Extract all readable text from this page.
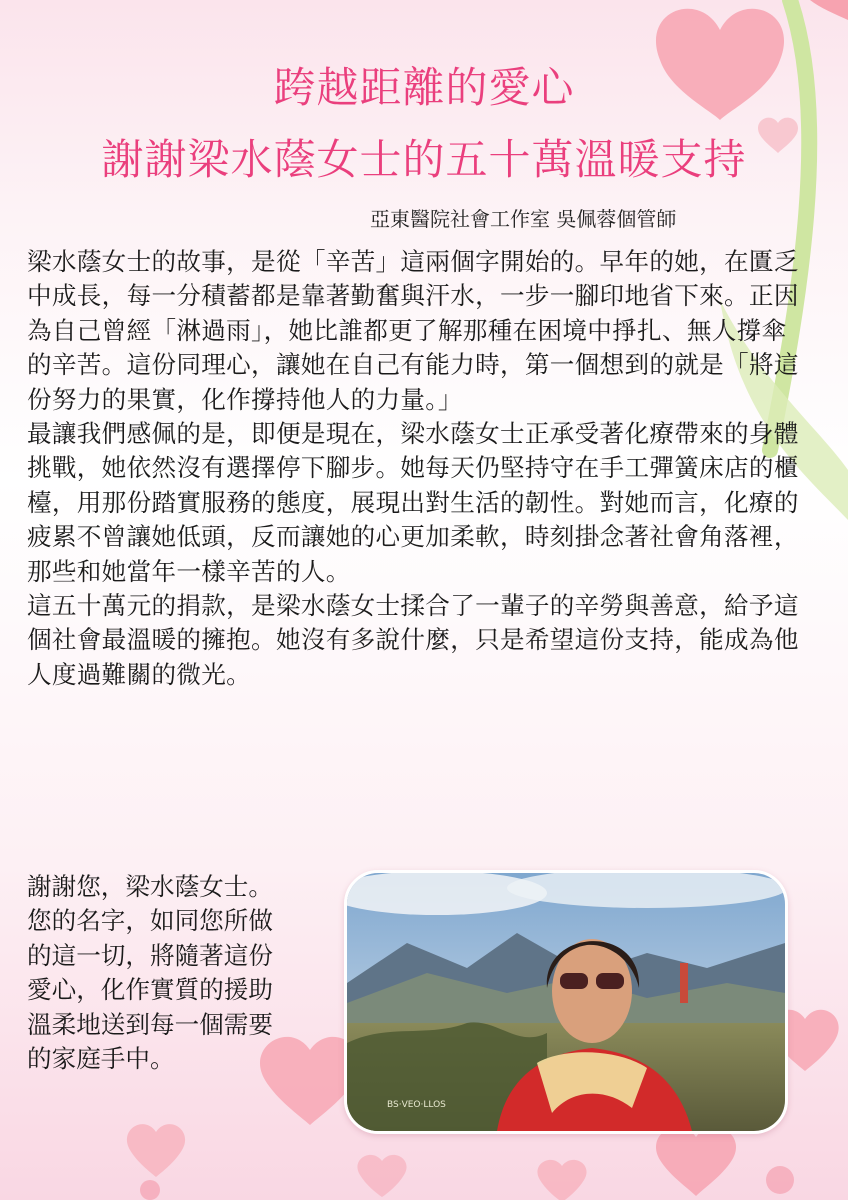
跨越距離的愛心
謝謝梁水蔭女士的五十萬溫暖支持
亞東醫院社會工作室 吳佩蓉個管師

梁水蔭女士的故事，是從「辛苦」這兩個字開始的。早年的她，在匱乏中成長，每一分積蓄都是靠著勤奮與汗水，一步一腳印地省下來。正因為自己曾經「淋過雨」，她比誰都更了解那種在困境中掙扎、無人撐傘的辛苦。這份同理心，讓她在自己有能力時，第一個想到的就是「將這份努力的果實，化作撐持他人的力量。」

最讓我們感佩的是，即便是現在，梁水蔭女士正承受著化療帶來的身體挑戰，她依然沒有選擇停下腳步。她每天仍堅持守在手工彈簧床店的櫃檯，用那份踏實服務的態度，展現出對生活的韌性。對她而言，化療的疲累不曾讓她低頭，反而讓她的心更加柔軟，時刻掛念著社會角落裡，那些和她當年一樣辛苦的人。

這五十萬元的捐款，是梁水蔭女士揉合了一輩子的辛勞與善意，給予這個社會最溫暖的擁抱。她沒有多說什麼，只是希望這份支持，能成為他人度過難關的微光。

謝謝您，梁水蔭女士。

您的名字，如同您所做

的這一切，將隨著這份

愛心，化作實質的援助

溫柔地送到每一個需要

的家庭手中。

BS·VEO·LLOS
